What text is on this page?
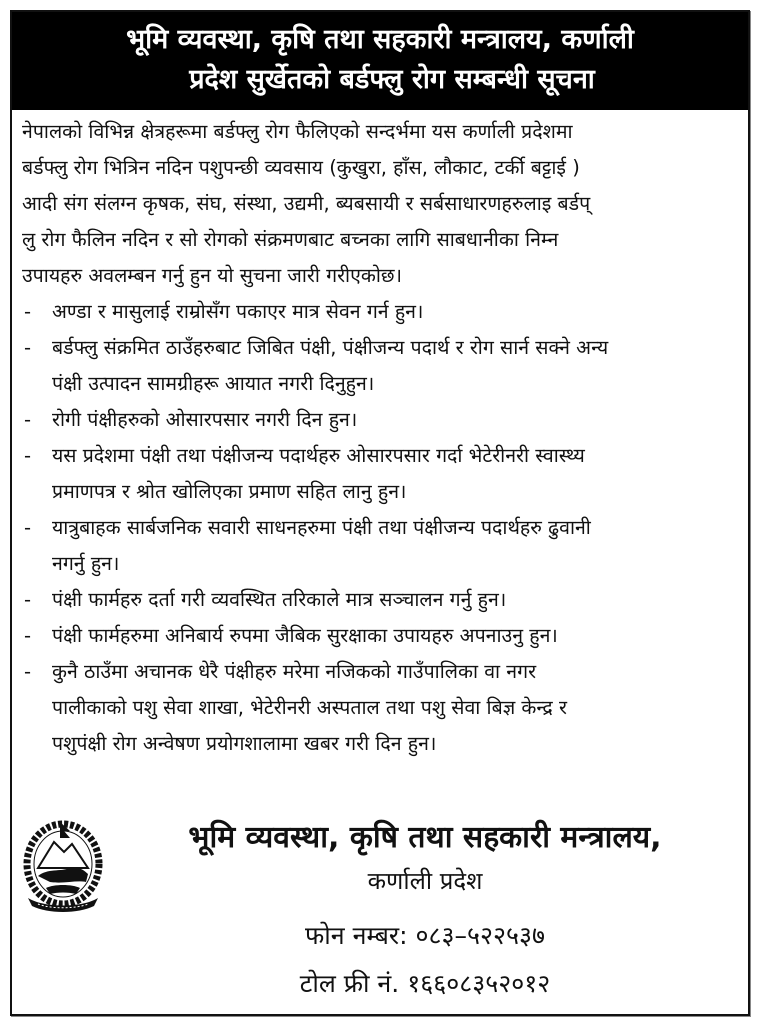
भूमि व्यवस्था, कृषि तथा सहकारी मन्त्रालय, कर्णाली
प्रदेश सुर्खेतको बर्डफ्लु रोग सम्बन्धी सूचना
नेपालको विभिन्न क्षेत्रहरूमा बर्डफ्लु रोग फैलिएको सन्दर्भमा यस कर्णाली प्रदेशमा
बर्डफ्लु रोग भित्रिन नदिन पशुपन्छी व्यवसाय (कुखुरा, हाँस, लौकाट, टर्की बट्टाई )
आदी संग संलग्न कृषक, संघ, संस्था, उद्यमी, ब्यबसायी र सर्बसाधारणहरुलाइ बर्डप्
लु रोग फैलिन नदिन र सो रोगको संक्रमणबाट बच्नका लागि साबधानीका निम्न
उपायहरु अवलम्बन गर्नु हुन यो सुचना जारी गरीएकोछ।
- अण्डा र मासुलाई राम्रोसँग पकाएर मात्र सेवन गर्न हुन।
- बर्डफ्लु संक्रमित ठाउँहरुबाट जिबित पंक्षी, पंक्षीजन्य पदार्थ र रोग सार्न सक्ने अन्य
पंक्षी उत्पादन सामग्रीहरू आयात नगरी दिनुहुन।
- रोगी पंक्षीहरुको ओसारपसार नगरी दिन हुन।
- यस प्रदेशमा पंक्षी तथा पंक्षीजन्य पदार्थहरु ओसारपसार गर्दा भेटेरीनरी स्वास्थ्य
प्रमाणपत्र र श्रोत खोलिएका प्रमाण सहित लानु हुन।
- यात्रुबाहक सार्बजनिक सवारी साधनहरुमा पंक्षी तथा पंक्षीजन्य पदार्थहरु ढुवानी
नगर्नु हुन।
- पंक्षी फार्महरु दर्ता गरी व्यवस्थित तरिकाले मात्र सञ्चालन गर्नु हुन।
- पंक्षी फार्महरुमा अनिबार्य रुपमा जैबिक सुरक्षाका उपायहरु अपनाउनु हुन।
- कुनै ठाउँमा अचानक धेरै पंक्षीहरु मरेमा नजिकको गाउँपालिका वा नगर
पालीकाको पशु सेवा शाखा, भेटेरीनरी अस्पताल तथा पशु सेवा बिज्ञ केन्द्र र
पशुपंक्षी रोग अन्वेषण प्रयोगशालामा खबर गरी दिन हुन।
भूमि व्यवस्था, कृषि तथा सहकारी मन्त्रालय,
कर्णाली प्रदेश
फोन नम्बर: ०८३–५२२५३७
टोल फ्री नं. १६६०८३५२०१२
